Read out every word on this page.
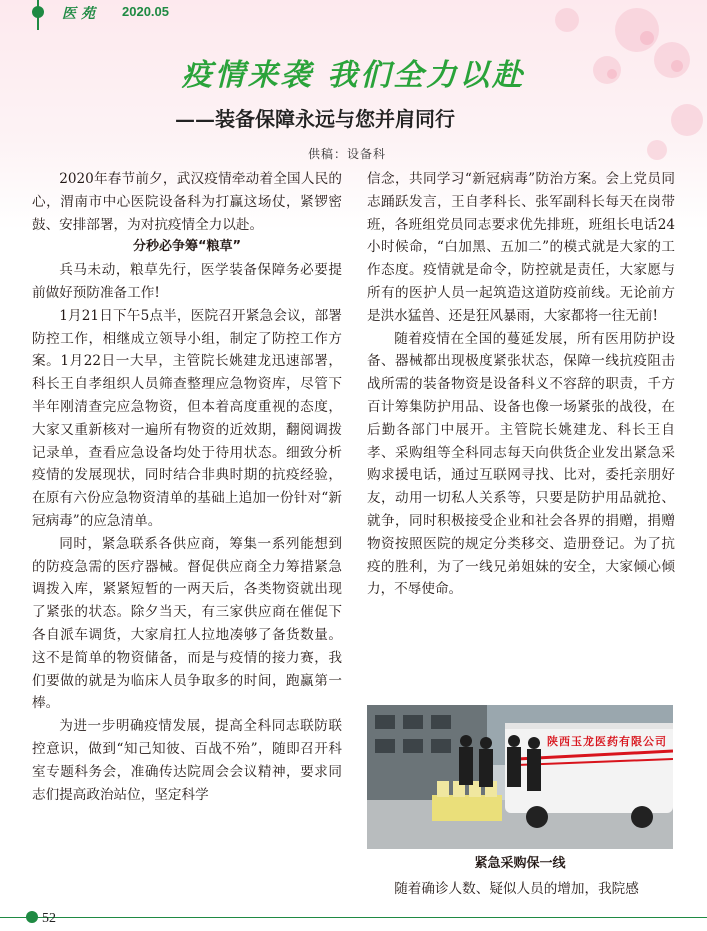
医苑 2020.05
疫情来袭 我们全力以赴
——装备保障永远与您并肩同行
供稿：设备科

2020年春节前夕，武汉疫情牵动着全国人民的心，渭南市中心医院设备科为打赢这场仗，紧锣密鼓、安排部署，为对抗疫情全力以赴。

分秒必争筹“粮草”

兵马未动，粮草先行，医学装备保障务必要提前做好预防准备工作!

1月21日下午5点半，医院召开紧急会议，部署防控工作，相继成立领导小组，制定了防控工作方案。1月22日一大早，主管院长姚建龙迅速部署，科长王自孝组织人员筛查整理应急物资库，尽管下半年刚清查完应急物资，但本着高度重视的态度，大家又重新核对一遍所有物资的近效期，翻阅调拨记录单，查看应急设备均处于待用状态。细致分析疫情的发展现状，同时结合非典时期的抗疫经验，在原有六份应急物资清单的基础上追加一份针对“新冠病毒”的应急清单。

同时，紧急联系各供应商，筹集一系列能想到的防疫急需的医疗器械。督促供应商全力筹措紧急调拨入库，紧紧短暂的一两天后，各类物资就出现了紧张的状态。除夕当天，有三家供应商在催促下各自派车调货，大家肩扛人拉地凑够了备货数量。这不是简单的物资储备，而是与疫情的接力赛，我们要做的就是为临床人员争取多的时间，跑赢第一棒。

为进一步明确疫情发展，提高全科同志联防联控意识，做到“知己知彼、百战不殆”，随即召开科室专题科务会，准确传达院周会会议精神，要求同志们提高政治站位，坚定科学

信念，共同学习“新冠病毒”防治方案。会上党员同志踊跃发言，王自孝科长、张军副科长每天在岗带班，各班组党员同志要求优先排班，班组长电话24小时候命，“白加黑、五加二”的模式就是大家的工作态度。疫情就是命令，防控就是责任，大家愿与所有的医护人员一起筑造这道防疫前线。无论前方是洪水猛兽、还是狂风暴雨，大家都将一往无前!

随着疫情在全国的蔓延发展，所有医用防护设备、器械都出现极度紧张状态，保障一线抗疫阻击战所需的装备物资是设备科义不容辞的职责，千方百计筹集防护用品、设备也像一场紧张的战役，在后勤各部门中展开。主管院长姚建龙、科长王自孝、采购组等全科同志每天向供货企业发出紧急采购求援电话，通过互联网寻找、比对，委托亲朋好友，动用一切私人关系等，只要是防护用品就抢、就争，同时积极接受企业和社会各界的捐赠，捐赠物资按照医院的规定分类移交、造册登记。为了抗疫的胜利，为了一线兄弟姐妹的安全，大家倾心倾力，不辱使命。

陕西玉龙医药有限公司
紧急采购保一线
随着确诊人数、疑似人员的增加，我院感
52
